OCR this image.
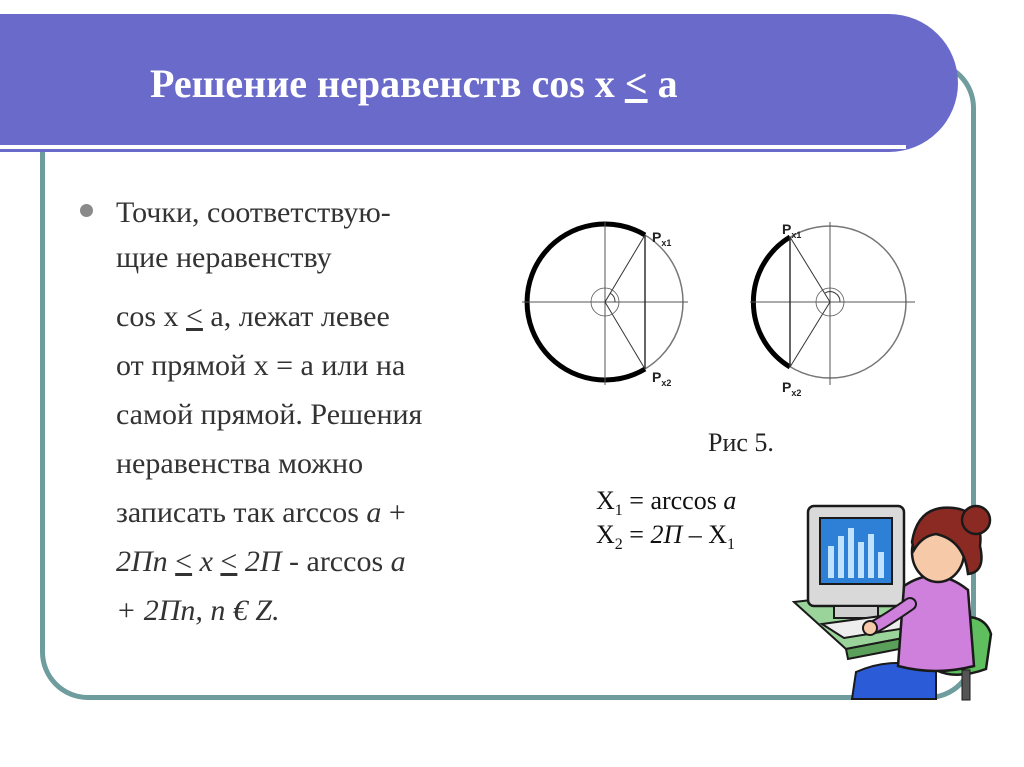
Решение неравенств cos x < a
Точки, соответствую-
щие неравенству
cos x < a, лежат левее
от прямой x = a или на
самой прямой. Решения
неравенства можно
записать так arccos a +
2Пn < x < 2П - arccos a
+ 2Пn, n € Z.
$P_{x1}$
$P_{x2}$
$P_{x1}$
$P_{x2}$
Рис 5.
$X_1 = \arccos a$
$X_2 = 2П - X_1$
